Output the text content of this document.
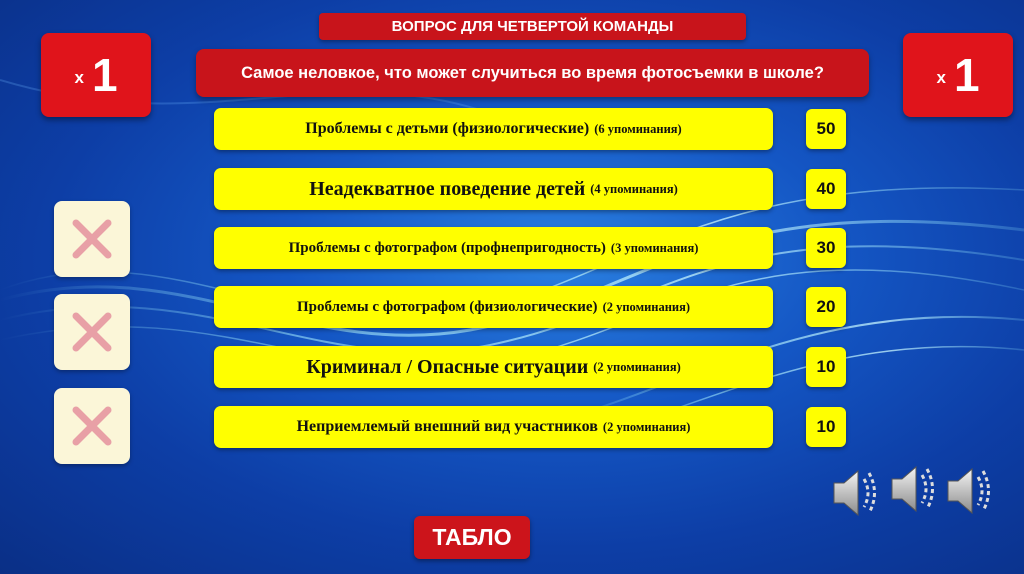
ВОПРОС ДЛЯ ЧЕТВЕРТОЙ КОМАНДЫ
х 1	х 1
Самое неловкое, что может случиться во время фотосъемки в школе?
Проблемы с детьми (физиологические) (6 упоминания)	50
Неадекватное поведение детей (4 упоминания)	40
Проблемы с фотографом (профнепригодность) (3 упоминания)	30
Проблемы с фотографом (физиологические) (2 упоминания)	20
Криминал / Опасные ситуации (2 упоминания)	10
Неприемлемый внешний вид участников (2 упоминания)	10
ТАБЛО
